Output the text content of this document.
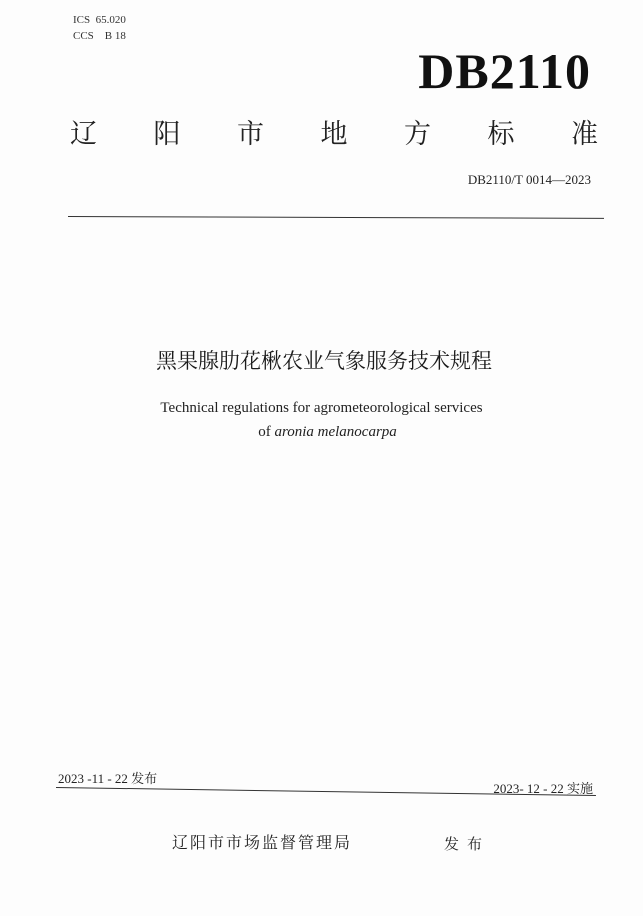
ICS  65.020
CCS    B 18
DB2110
辽 阳 市 地 方 标 准
DB2110/T 0014—2023
黑果腺肋花楸农业气象服务技术规程
Technical regulations for agrometeorological services
of aronia melanocarpa
2023 -11 - 22 发布
2023- 12 - 22 实施
辽阳市市场监督管理局	发布
